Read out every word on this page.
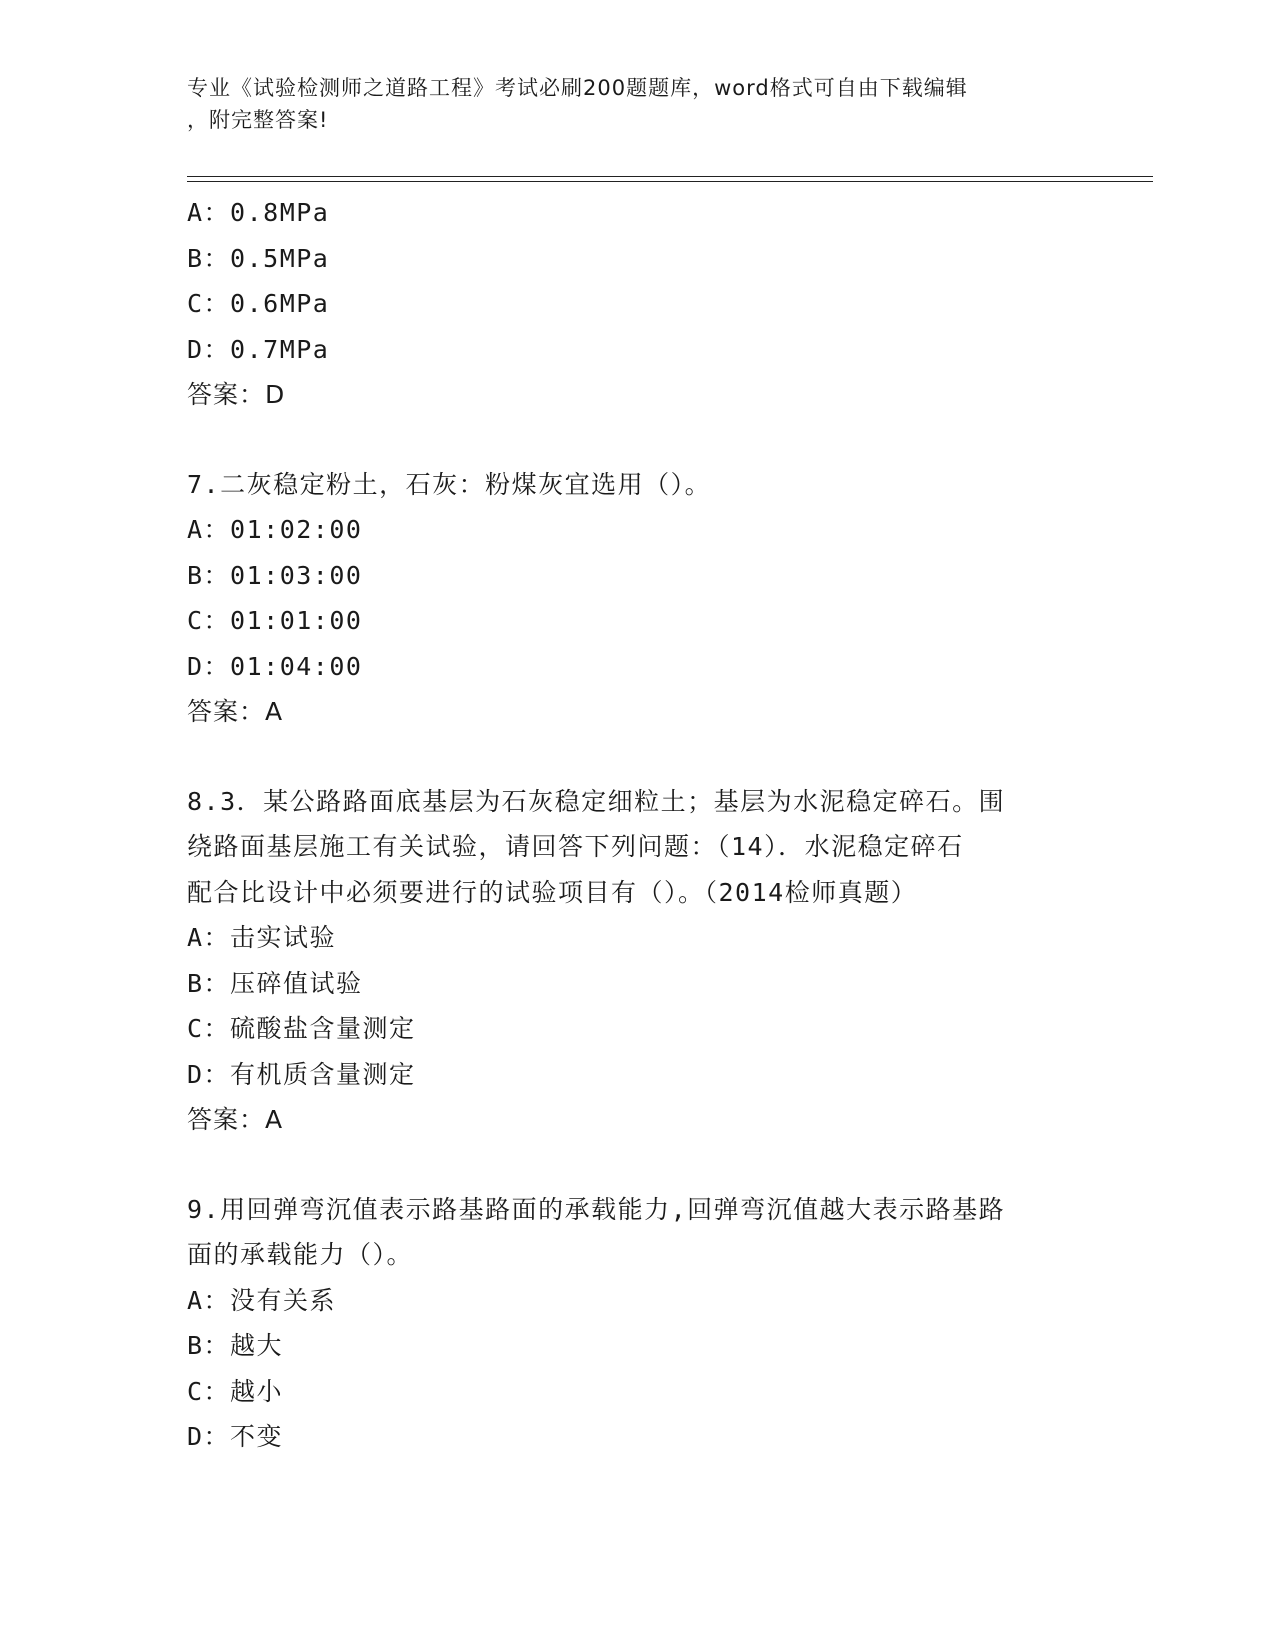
专业《试验检测师之道路工程》考试必刷200题题库，word格式可自由下载编辑
，附完整答案!
A：0.8MPa
B：0.5MPa
C：0.6MPa
D：0.7MPa
答案：D
7.二灰稳定粉土，石灰：粉煤灰宜选用（）。
A：01:02:00
B：01:03:00
C：01:01:00
D：01:04:00
答案：A
8.3．某公路路面底基层为石灰稳定细粒土；基层为水泥稳定碎石。围
绕路面基层施工有关试验，请回答下列问题：（14）．水泥稳定碎石
配合比设计中必须要进行的试验项目有（）。（2014检师真题）
A：击实试验
B：压碎值试验
C：硫酸盐含量测定
D：有机质含量测定
答案：A
9.用回弹弯沉值表示路基路面的承载能力,回弹弯沉值越大表示路基路
面的承载能力（）。
A：没有关系
B：越大
C：越小
D：不变
